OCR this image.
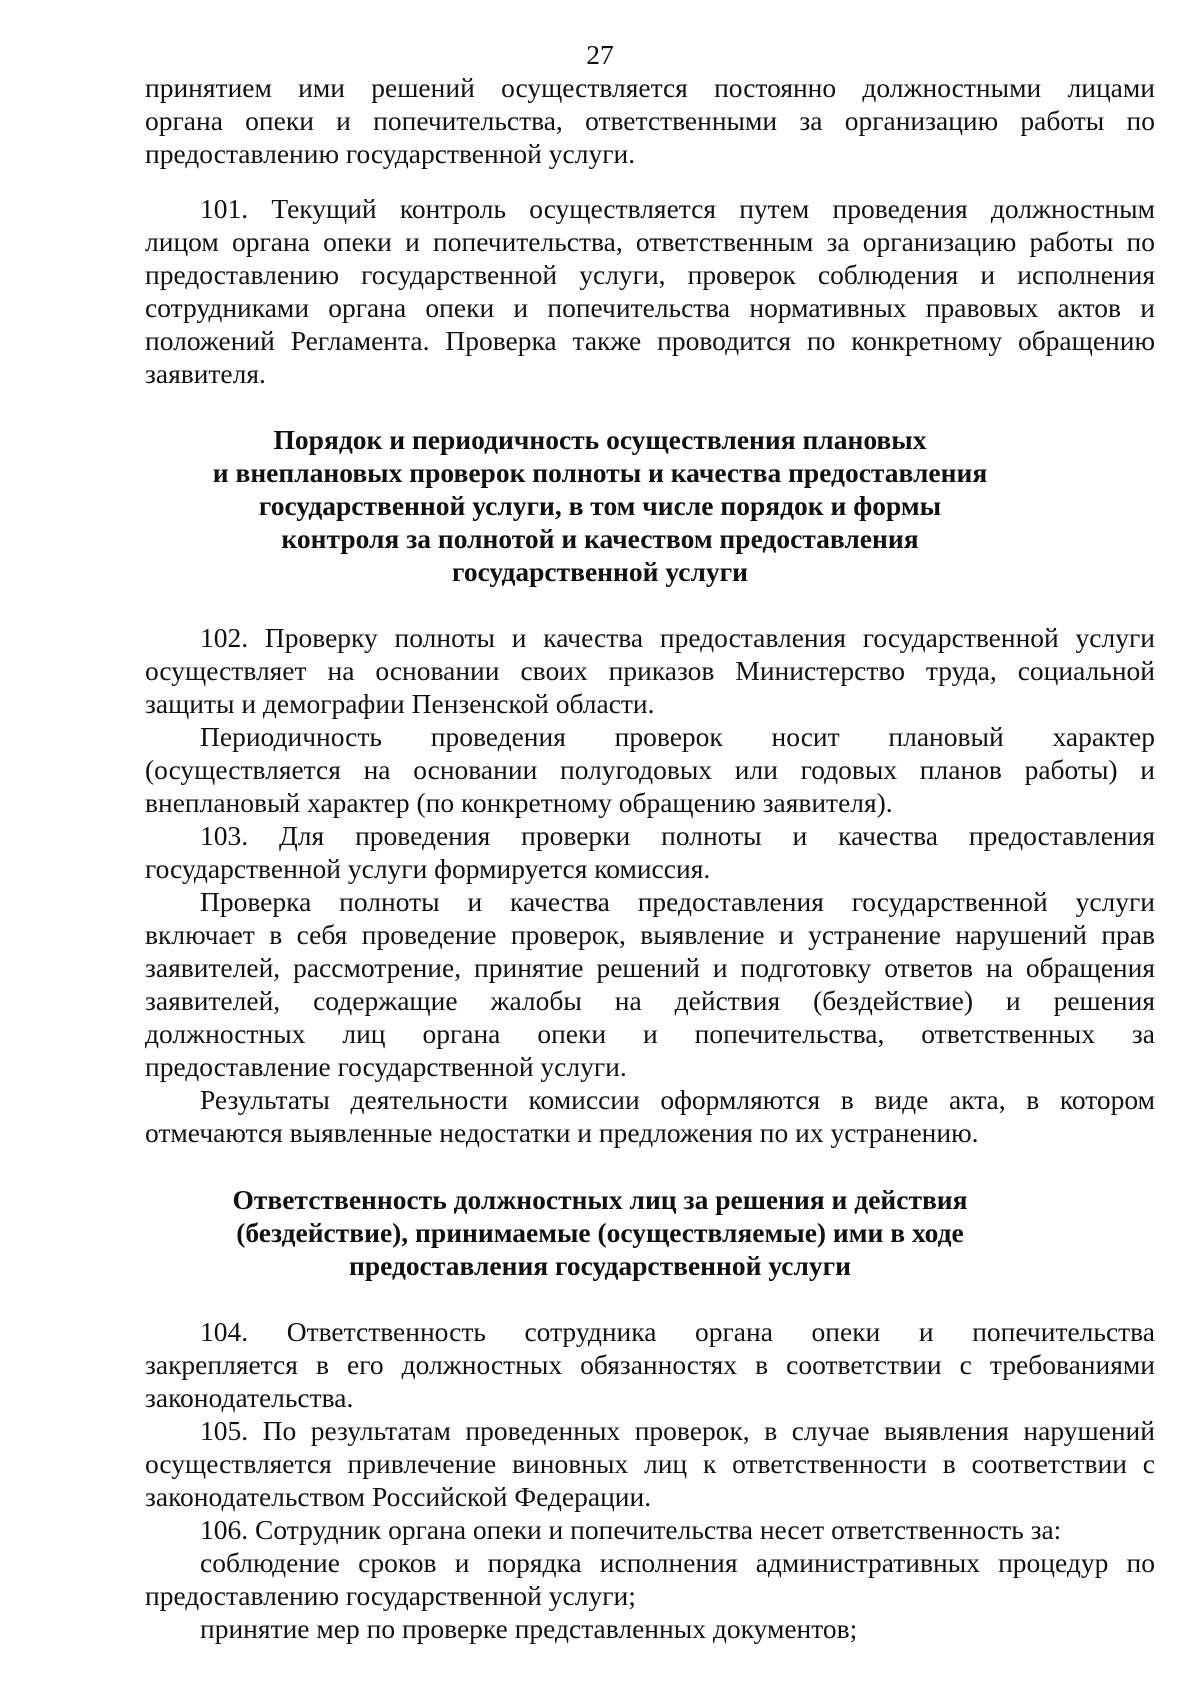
27
принятием ими решений осуществляется постоянно должностными лицами
органа опеки и попечительства, ответственными за организацию работы по
предоставлению государственной услуги.
101. Текущий контроль осуществляется путем проведения должностным
лицом органа опеки и попечительства, ответственным за организацию работы по
предоставлению государственной услуги, проверок соблюдения и исполнения
сотрудниками органа опеки и попечительства нормативных правовых актов и
положений Регламента. Проверка также проводится по конкретному обращению
заявителя.
Порядок и периодичность осуществления плановых
и внеплановых проверок полноты и качества предоставления
государственной услуги, в том числе порядок и формы
контроля за полнотой и качеством предоставления
государственной услуги
102. Проверку полноты и качества предоставления государственной услуги
осуществляет на основании своих приказов Министерство труда, социальной
защиты и демографии Пензенской области.
Периодичность проведения проверок носит плановый характер
(осуществляется на основании полугодовых или годовых планов работы) и
внеплановый характер (по конкретному обращению заявителя).
103. Для проведения проверки полноты и качества предоставления
государственной услуги формируется комиссия.
Проверка полноты и качества предоставления государственной услуги
включает в себя проведение проверок, выявление и устранение нарушений прав
заявителей, рассмотрение, принятие решений и подготовку ответов на обращения
заявителей, содержащие жалобы на действия (бездействие) и решения
должностных лиц органа опеки и попечительства, ответственных за
предоставление государственной услуги.
Результаты деятельности комиссии оформляются в виде акта, в котором
отмечаются выявленные недостатки и предложения по их устранению.
Ответственность должностных лиц за решения и действия
(бездействие), принимаемые (осуществляемые) ими в ходе
предоставления государственной услуги
104. Ответственность сотрудника органа опеки и попечительства
закрепляется в его должностных обязанностях в соответствии с требованиями
законодательства.
105. По результатам проведенных проверок, в случае выявления нарушений
осуществляется привлечение виновных лиц к ответственности в соответствии с
законодательством Российской Федерации.
106. Сотрудник органа опеки и попечительства несет ответственность за:
соблюдение сроков и порядка исполнения административных процедур по
предоставлению государственной услуги;
принятие мер по проверке представленных документов;
